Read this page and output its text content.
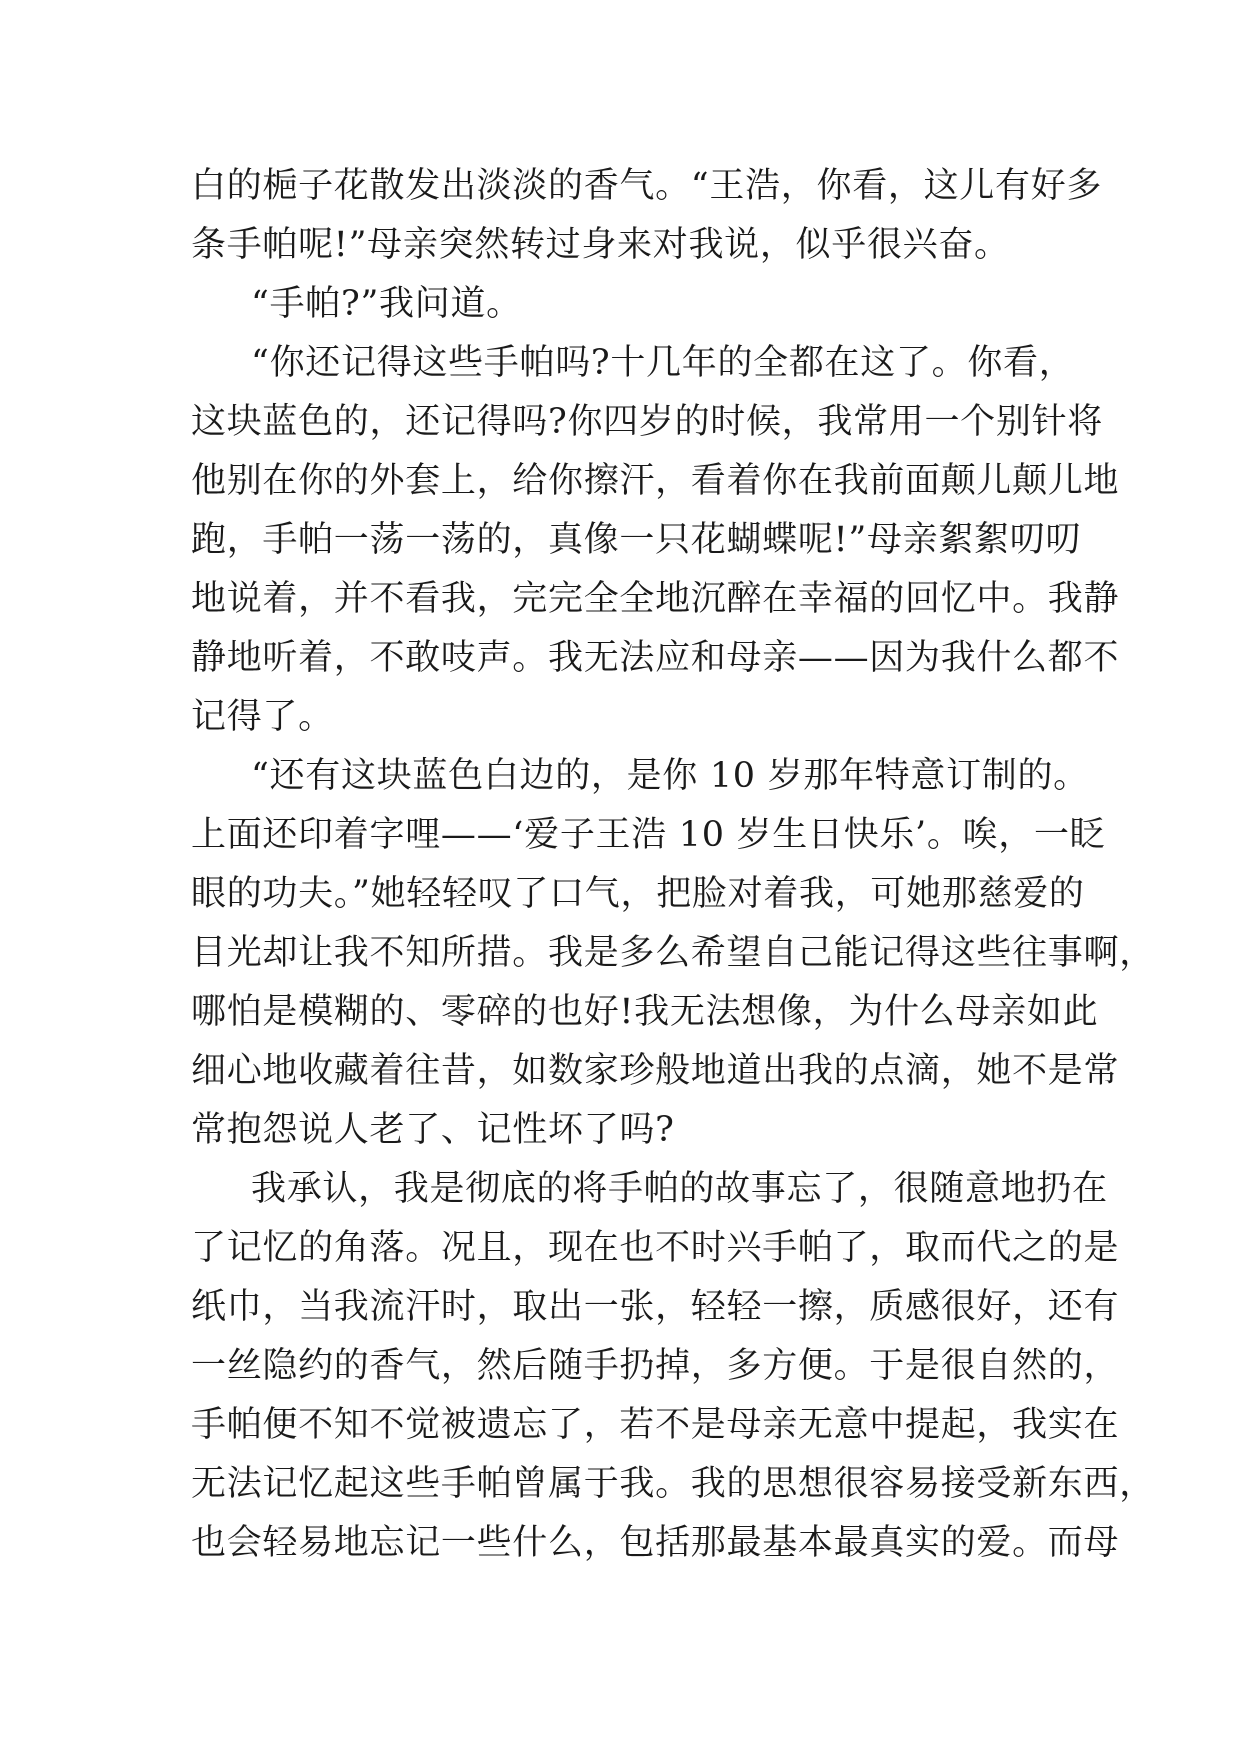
白的梔子花散发出淡淡的香气。“王浩，你看，这儿有好多
条手帕呢!”母亲突然转过身来对我说，似乎很兴奋。
“手帕?”我问道。
“你还记得这些手帕吗?十几年的全都在这了。你看，
这块蓝色的，还记得吗?你四岁的时候，我常用一个别针将
他别在你的外套上，给你擦汗，看着你在我前面颠儿颠儿地
跑，手帕一荡一荡的，真像一只花蝴蝶呢!”母亲絮絮叨叨
地说着，并不看我，完完全全地沉醉在幸福的回忆中。我静
静地听着，不敢吱声。我无法应和母亲——因为我什么都不
记得了。
“还有这块蓝色白边的，是你 10 岁那年特意订制的。
上面还印着字哩——‘爱子王浩 10 岁生日快乐’。唉，一眨
眼的功夫。”她轻轻叹了口气，把脸对着我，可她那慈爱的
目光却让我不知所措。我是多么希望自己能记得这些往事啊，
哪怕是模糊的、零碎的也好!我无法想像，为什么母亲如此
细心地收藏着往昔，如数家珍般地道出我的点滴，她不是常
常抱怨说人老了、记性坏了吗?
我承认，我是彻底的将手帕的故事忘了，很随意地扔在
了记忆的角落。况且，现在也不时兴手帕了，取而代之的是
纸巾，当我流汗时，取出一张，轻轻一擦，质感很好，还有
一丝隐约的香气，然后随手扔掉，多方便。于是很自然的，
手帕便不知不觉被遗忘了，若不是母亲无意中提起，我实在
无法记忆起这些手帕曾属于我。我的思想很容易接受新东西，
也会轻易地忘记一些什么，包括那最基本最真实的爱。而母
